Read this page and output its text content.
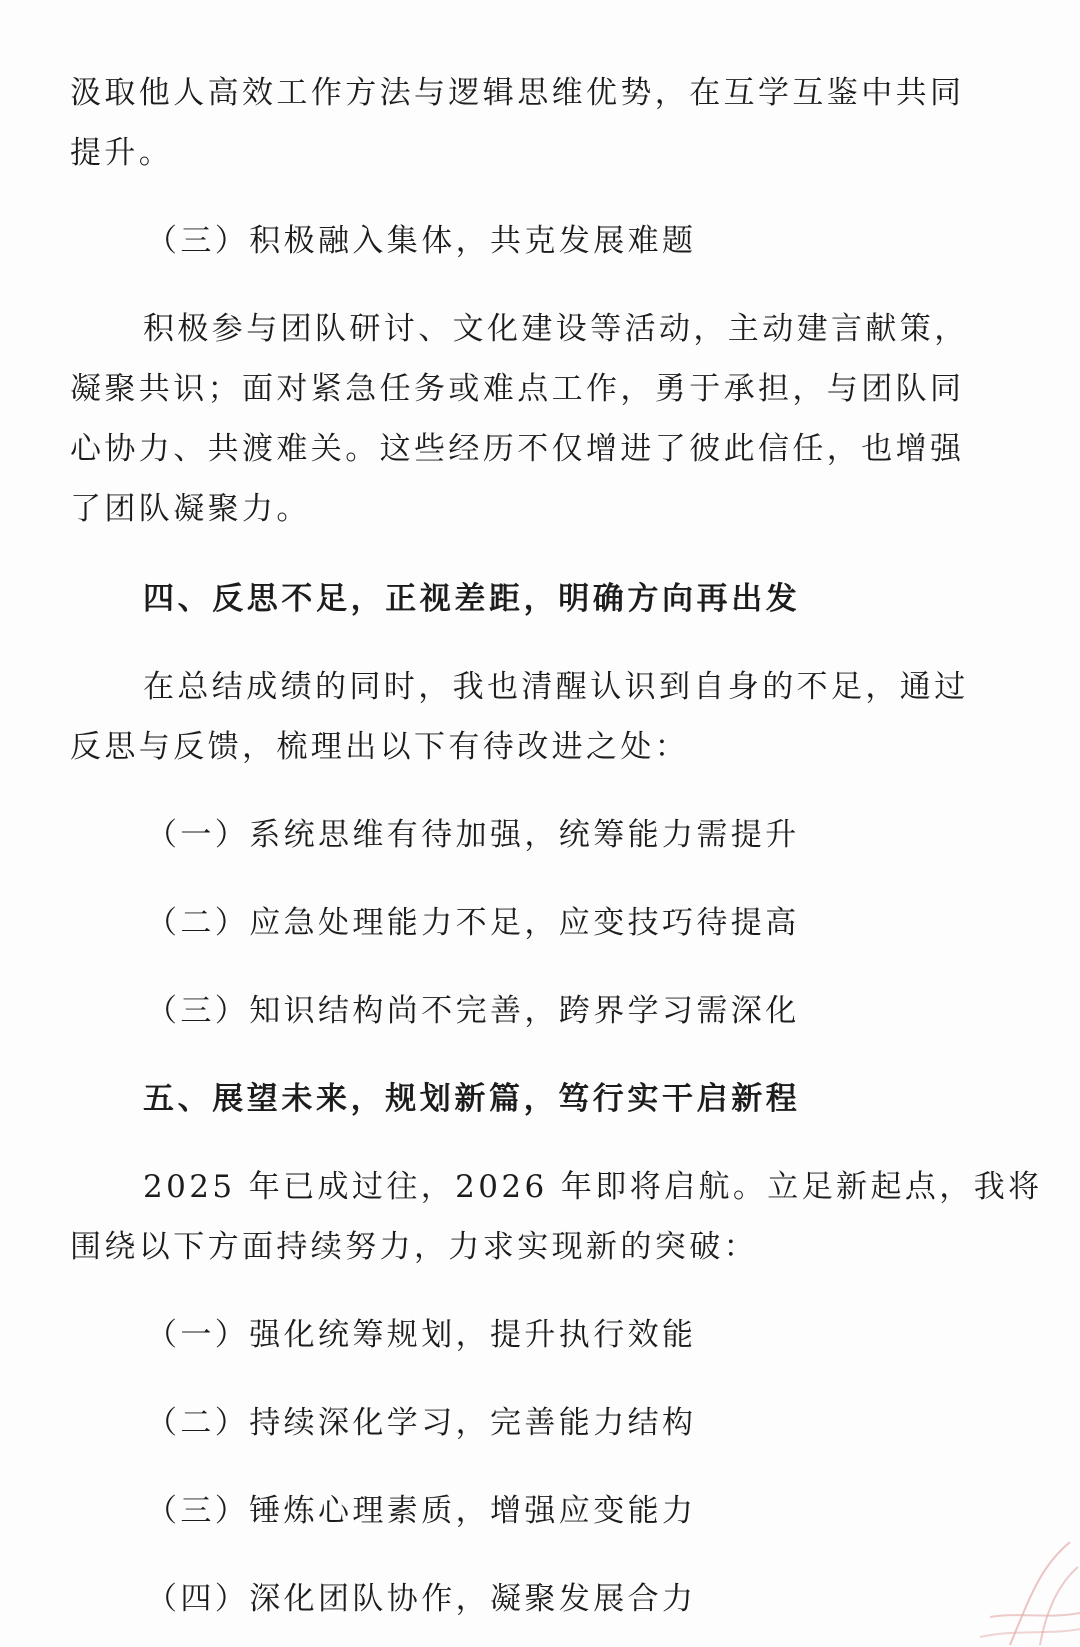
汲取他人高效工作方法与逻辑思维优势，在互学互鉴中共同
提升。
（三）积极融入集体，共克发展难题
积极参与团队研讨、文化建设等活动，主动建言献策，
凝聚共识；面对紧急任务或难点工作，勇于承担，与团队同
心协力、共渡难关。这些经历不仅增进了彼此信任，也增强
了团队凝聚力。
四、反思不足，正视差距，明确方向再出发
在总结成绩的同时，我也清醒认识到自身的不足，通过
反思与反馈，梳理出以下有待改进之处：
（一）系统思维有待加强，统筹能力需提升
（二）应急处理能力不足，应变技巧待提高
（三）知识结构尚不完善，跨界学习需深化
五、展望未来，规划新篇，笃行实干启新程
2025 年已成过往，2026 年即将启航。立足新起点，我将
围绕以下方面持续努力，力求实现新的突破：
（一）强化统筹规划，提升执行效能
（二）持续深化学习，完善能力结构
（三）锤炼心理素质，增强应变能力
（四）深化团队协作，凝聚发展合力
